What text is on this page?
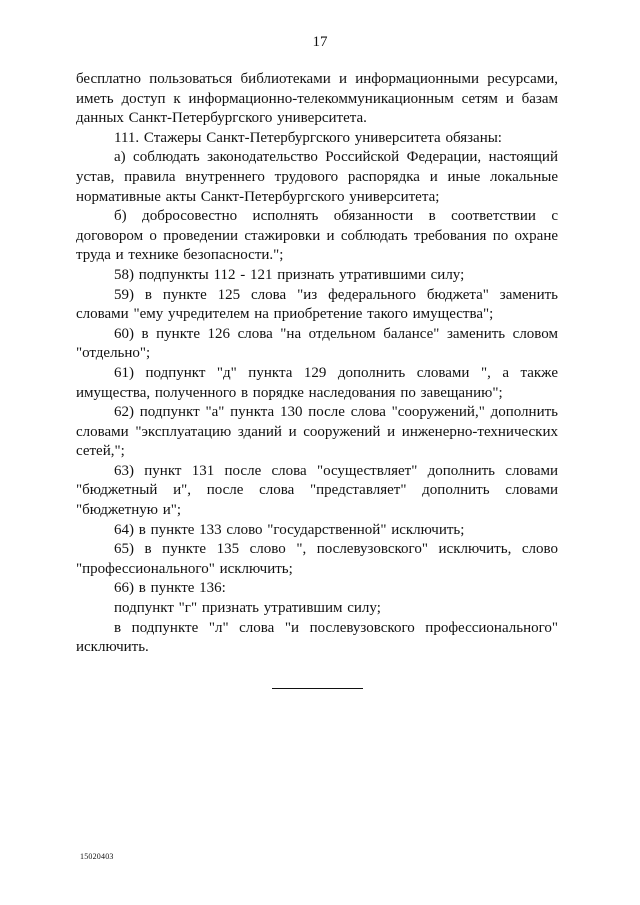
17

бесплатно пользоваться библиотеками и информационными ресурсами, иметь доступ к информационно-телекоммуникационным сетям и базам данных Санкт-Петербургского университета.

111. Стажеры Санкт-Петербургского университета обязаны:

а) соблюдать законодательство Российской Федерации, настоящий устав, правила внутреннего трудового распорядка и иные локальные нормативные акты Санкт-Петербургского университета;

б) добросовестно исполнять обязанности в соответствии с договором о проведении стажировки и соблюдать требования по охране труда и технике безопасности.";

58) подпункты 112 - 121 признать утратившими силу;

59) в пункте 125 слова "из федерального бюджета" заменить словами "ему учредителем на приобретение такого имущества";

60) в пункте 126 слова "на отдельном балансе" заменить словом "отдельно";

61) подпункт "д" пункта 129 дополнить словами ", а также имущества, полученного в порядке наследования по завещанию";

62) подпункт "а" пункта 130 после слова "сооружений," дополнить словами "эксплуатацию зданий и сооружений и инженерно-технических сетей,";

63) пункт 131 после слова "осуществляет" дополнить словами "бюджетный и", после слова "представляет" дополнить словами "бюджетную и";

64) в пункте 133 слово "государственной" исключить;

65) в пункте 135 слово ", послевузовского" исключить, слово "профессионального" исключить;

66) в пункте 136:

подпункт "г" признать утратившим силу;

в подпункте "л" слова "и послевузовского профессионального" исключить.

15020403
